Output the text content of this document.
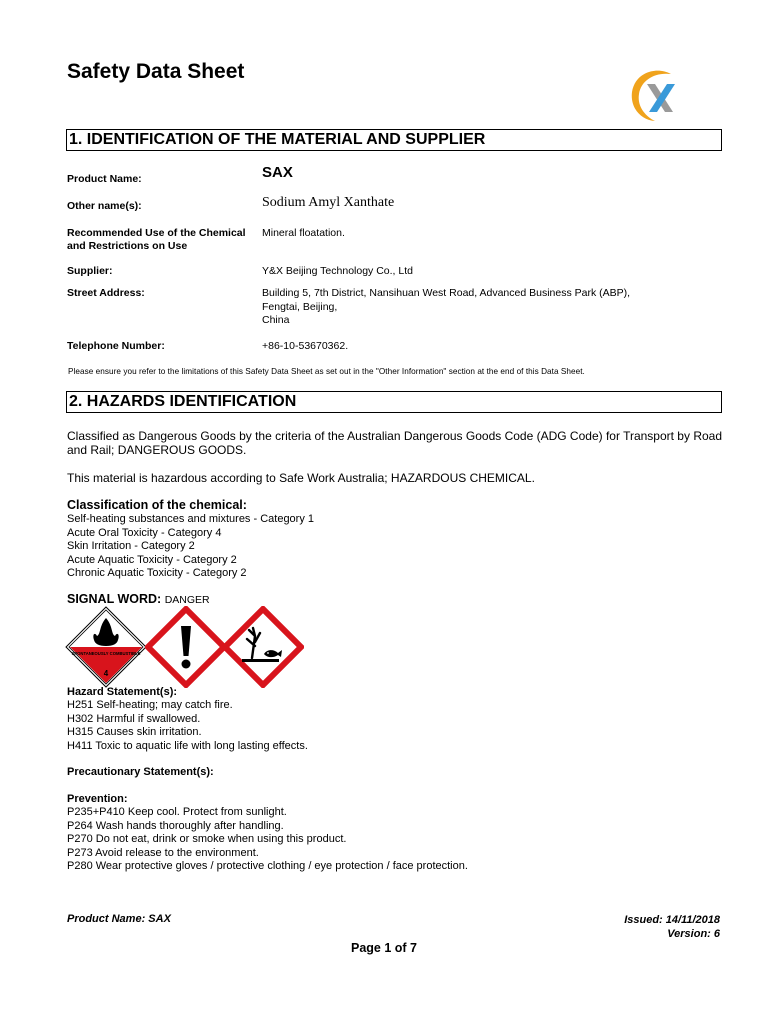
Safety Data Sheet
1. IDENTIFICATION OF THE MATERIAL AND SUPPLIER
Product Name:	SAX
Other name(s):	Sodium Amyl Xanthate
Recommended Use of the Chemical
and Restrictions on Use
Mineral floatation.
Supplier:	Y&X Beijing Technology Co., Ltd
Street Address:	Building 5, 7th District, Nansihuan West Road, Advanced Business Park (ABP),
Fengtai, Beijing,
China
Telephone Number:	+86-10-53670362.
Please ensure you refer to the limitations of this Safety Data Sheet as set out in the "Other Information" section at the end of this Data Sheet.
2. HAZARDS IDENTIFICATION
Classified as Dangerous Goods by the criteria of the Australian Dangerous Goods Code (ADG Code) for Transport by Road and Rail; DANGEROUS GOODS.
This material is hazardous according to Safe Work Australia; HAZARDOUS CHEMICAL.
Classification of the chemical:
Self-heating substances and mixtures - Category 1
Acute Oral Toxicity - Category 4
Skin Irritation - Category 2
Acute Aquatic Toxicity - Category 2
Chronic Aquatic Toxicity - Category 2
SIGNAL WORD: DANGER
SPONTANEOUSLY COMBUSTIBLE
4
Hazard Statement(s):
H251 Self-heating; may catch fire.
H302 Harmful if swallowed.
H315 Causes skin irritation.
H411 Toxic to aquatic life with long lasting effects.
Precautionary Statement(s):
Prevention:
P235+P410 Keep cool. Protect from sunlight.
P264 Wash hands thoroughly after handling.
P270 Do not eat, drink or smoke when using this product.
P273 Avoid release to the environment.
P280 Wear protective gloves / protective clothing / eye protection / face protection.
Product Name: SAX	Issued: 14/11/2018
Version: 6
Page 1 of 7
